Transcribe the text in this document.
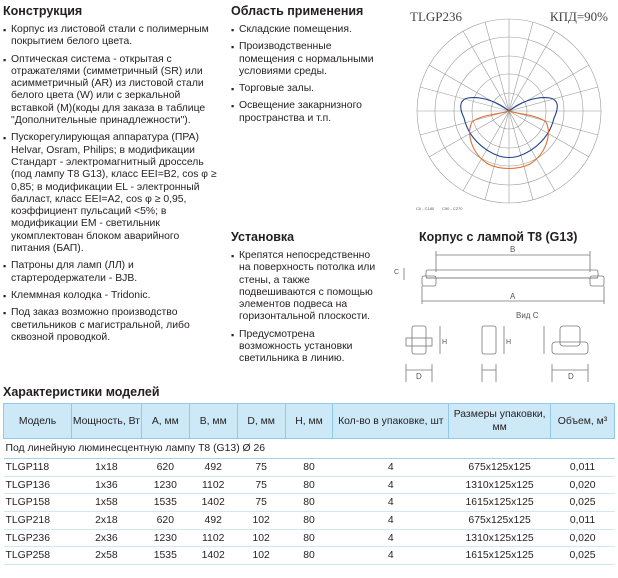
Конструкция
▪ Корпус из листовой стали с полимерным покрытием белого цвета.
▪ Оптическая система - открытая с отражателями (симметричный (SR) или асимметричный (AR) из листовой стали белого цвета (W) или с зеркальной вставкой (M)(коды для заказа в таблице "Дополнительные принадлежности").
▪ Пускорегулирующая аппаратура (ПРА) Helvar, Osram, Philips; в модификации Стандарт - электромагнитный дроссель (под лампу T8 G13), класс EEI=B2, cos φ ≥ 0,85; в модификации EL - электронный балласт, класс EEI=A2, cos φ ≥ 0,95, коэффициент пульсаций <5%; в модификации EM - светильник укомплектован блоком аварийного питания (БАП).
▪ Патроны для ламп (ЛЛ) и стартеродержатели - BJB.
▪ Клеммная колодка - Tridonic.
▪ Под заказ возможно производство светильников с магистральной, либо сквозной проводкой.
Область применения
▪ Складские помещения.
▪ Производственные помещения с нормальными условиями среды.
▪ Торговые залы.
▪ Освещение закарнизного пространства и т.п.
Установка
▪ Крепятся непосредственно на поверхность потолка или стены, а также подвешиваются с помощью элементов подвеса на горизонтальной плоскости.
▪ Предусмотрена возможность установки светильника в линию.
TLGP236	КПД=90%
C0 - C180 C90 - C270
Корпус с лампой T8 (G13)
B
A
C
Вид С
D	D
H	H
Характеристики моделей
Модель	Мощность, Вт	A, мм	B, мм	D, мм	H, мм	Кол-во в упаковке, шт	Размеры упаковки, мм	Объем, м³
Под линейную люминесцентную лампу T8 (G13) Ø 26								
TLGP118	1x18	620	492	75	80	4	675x125x125	0,011
TLGP136	1x36	1230	1102	75	80	4	1310x125x125	0,020
TLGP158	1x58	1535	1402	75	80	4	1615x125x125	0,025
TLGP218	2x18	620	492	102	80	4	675x125x125	0,011
TLGP236	2x36	1230	1102	102	80	4	1310x125x125	0,020
TLGP258	2x58	1535	1402	102	80	4	1615x125x125	0,025
